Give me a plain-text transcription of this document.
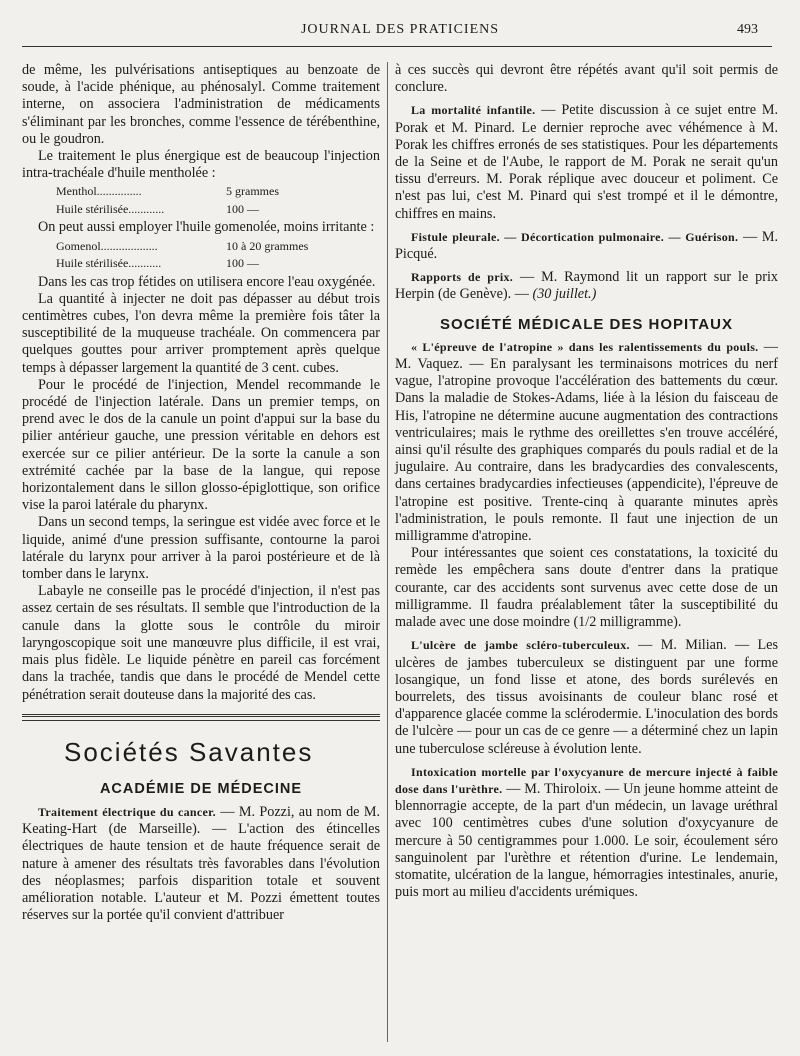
JOURNAL DES PRATICIENS	493

de même, les pulvérisations antiseptiques au benzoate de soude, à l'acide phénique, au phénosalyl. Comme traitement interne, on associera l'administration de médicaments s'éliminant par les bronches, comme l'essence de térébenthine, ou le goudron.

Le traitement le plus énergique est de beaucoup l'injection intra-trachéale d'huile mentholée :

Menthol...............	5 grammes
Huile stérilisée............	100 —

On peut aussi employer l'huile gomenolée, moins irritante :

Gomenol...................	10 à 20 grammes
Huile stérilisée...........	100 —

Dans les cas trop fétides on utilisera encore l'eau oxygénée.

La quantité à injecter ne doit pas dépasser au début trois centimètres cubes, l'on devra même la première fois tâter la susceptibilité de la muqueuse trachéale. On commencera par quelques gouttes pour arriver promptement après quelque temps à dépasser largement la quantité de 3 cent. cubes.

Pour le procédé de l'injection, Mendel recommande le procédé de l'injection latérale. Dans un premier temps, on prend avec le dos de la canule un point d'appui sur la base du pilier antérieur gauche, une pression véritable en dehors est exercée sur ce pilier antérieur. De la sorte la canule a son extrémité cachée par la base de la langue, qui repose horizontalement dans le sillon glosso-épiglottique, son orifice vise la paroi latérale du pharynx.

Dans un second temps, la seringue est vidée avec force et le liquide, animé d'une pression suffisante, contourne la paroi latérale du larynx pour arriver à la paroi postérieure et de là tomber dans le larynx.

Labayle ne conseille pas le procédé d'injection, il n'est pas assez certain de ses résultats. Il semble que l'introduction de la canule dans la glotte sous le contrôle du miroir laryngoscopique soit une manœuvre plus difficile, il est vrai, mais plus fidèle. Le liquide pénètre en pareil cas forcément dans la trachée, tandis que dans le procédé de Mendel cette pénétration serait douteuse dans la majorité des cas.

Sociétés Savantes
ACADÉMIE DE MÉDECINE

Traitement électrique du cancer. — M. Pozzi, au nom de M. Keating-Hart (de Marseille). — L'action des étincelles électriques de haute tension et de haute fréquence serait de nature à amener des résultats très favorables dans l'évolution des néoplasmes; parfois disparition totale et souvent amélioration notable. L'auteur et M. Pozzi émettent toutes réserves sur la portée qu'il convient d'attribuer

à ces succès qui devront être répétés avant qu'il soit permis de conclure.

La mortalité infantile. — Petite discussion à ce sujet entre M. Porak et M. Pinard. Le dernier reproche avec véhémence à M. Porak les chiffres erronés de ses statistiques. Pour les départements de la Seine et de l'Aube, le rapport de M. Porak ne serait qu'un tissu d'erreurs. M. Porak réplique avec douceur et poliment. Ce n'est pas lui, c'est M. Pinard qui s'est trompé et il le démontre, chiffres en mains.

Fistule pleurale. — Décortication pulmonaire. — Guérison. — M. Picqué.

Rapports de prix. — M. Raymond lit un rapport sur le prix Herpin (de Genève). — (30 juillet.)

SOCIÉTÉ MÉDICALE DES HOPITAUX

« L'épreuve de l'atropine » dans les ralentissements du pouls. — M. Vaquez. — En paralysant les terminaisons motrices du nerf vague, l'atropine provoque l'accélération des battements du cœur. Dans la maladie de Stokes-Adams, liée à la lésion du faisceau de His, l'atropine ne détermine aucune augmentation des contractions ventriculaires; mais le rythme des oreillettes s'en trouve accéléré, ainsi qu'il résulte des graphiques comparés du pouls radial et de la jugulaire. Au contraire, dans les bradycardies des convalescents, dans certaines bradycardies infectieuses (appendicite), l'épreuve de l'atropine est positive. Trente-cinq à quarante minutes après l'administration, le pouls remonte. Il faut une injection de un milligramme d'atropine.

Pour intéressantes que soient ces constatations, la toxicité du remède les empêchera sans doute d'entrer dans la pratique courante, car des accidents sont survenus avec cette dose de un milligramme. Il faudra préalablement tâter la susceptibilité du malade avec une dose moindre (1/2 milligramme).

L'ulcère de jambe scléro-tuberculeux. — M. Milian. — Les ulcères de jambes tuberculeux se distinguent par une forme losangique, un fond lisse et atone, des bords surélevés en bourrelets, des tissus avoisinants de couleur blanc rosé et d'apparence glacée comme la sclérodermie. L'inoculation des bords de l'ulcère — pour un cas de ce genre — a déterminé chez un lapin une tuberculose scléreuse à évolution lente.

Intoxication mortelle par l'oxycyanure de mercure injecté à faible dose dans l'urèthre. — M. Thiroloix. — Un jeune homme atteint de blennorragie accepte, de la part d'un médecin, un lavage uréthral avec 100 centimètres cubes d'une solution d'oxycyanure de mercure à 50 centigrammes pour 1.000. Le soir, écoulement séro sanguinolent par l'urèthre et rétention d'urine. Le lendemain, stomatite, ulcération de la langue, hémorragies intestinales, anurie, puis mort au milieu d'accidents urémiques.
